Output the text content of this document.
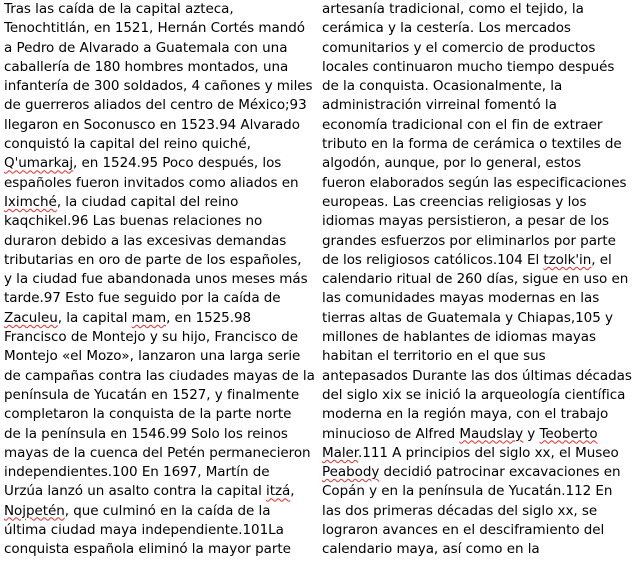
Tras las caída de la capital azteca,
Tenochtitlán, en 1521, Hernán Cortés mandó
a Pedro de Alvarado a Guatemala con una
caballería de 180 hombres montados, una
infantería de 300 soldados, 4 cañones y miles
de guerreros aliados del centro de México;93
llegaron en Soconusco en 1523.94 Alvarado
conquistó la capital del reino quiché,
Q'umarkaj, en 1524.95 Poco después, los
españoles fueron invitados como aliados en
Iximché, la ciudad capital del reino
kaqchikel.96 Las buenas relaciones no
duraron debido a las excesivas demandas
tributarias en oro de parte de los españoles,
y la ciudad fue abandonada unos meses más
tarde.97 Esto fue seguido por la caída de
Zaculeu, la capital mam, en 1525.98
Francisco de Montejo y su hijo, Francisco de
Montejo «el Mozo», lanzaron una larga serie
de campañas contra las ciudades mayas de la
península de Yucatán en 1527, y finalmente
completaron la conquista de la parte norte
de la península en 1546.99 Solo los reinos
mayas de la cuenca del Petén permanecieron
independientes.100 En 1697, Martín de
Urzúa lanzó un asalto contra la capital itzá,
Nojpetén, que culminó en la caída de la
última ciudad maya independiente.101La
conquista española eliminó la mayor parte
artesanía tradicional, como el tejido, la
cerámica y la cestería. Los mercados
comunitarios y el comercio de productos
locales continuaron mucho tiempo después
de la conquista. Ocasionalmente, la
administración virreinal fomentó la
economía tradicional con el fin de extraer
tributo en la forma de cerámica o textiles de
algodón, aunque, por lo general, estos
fueron elaborados según las especificaciones
europeas. Las creencias religiosas y los
idiomas mayas persistieron, a pesar de los
grandes esfuerzos por eliminarlos por parte
de los religiosos católicos.104 El tzolk'in, el
calendario ritual de 260 días, sigue en uso en
las comunidades mayas modernas en las
tierras altas de Guatemala y Chiapas,105 y
millones de hablantes de idiomas mayas
habitan el territorio en el que sus
antepasados Durante las dos últimas décadas
del siglo xix se inició la arqueología científica
moderna en la región maya, con el trabajo
minucioso de Alfred Maudslay y Teoberto
Maler.111 A principios del siglo xx, el Museo
Peabody decidió patrocinar excavaciones en
Copán y en la península de Yucatán.112 En
las dos primeras décadas del siglo xx, se
lograron avances en el desciframiento del
calendario maya, así como en la
